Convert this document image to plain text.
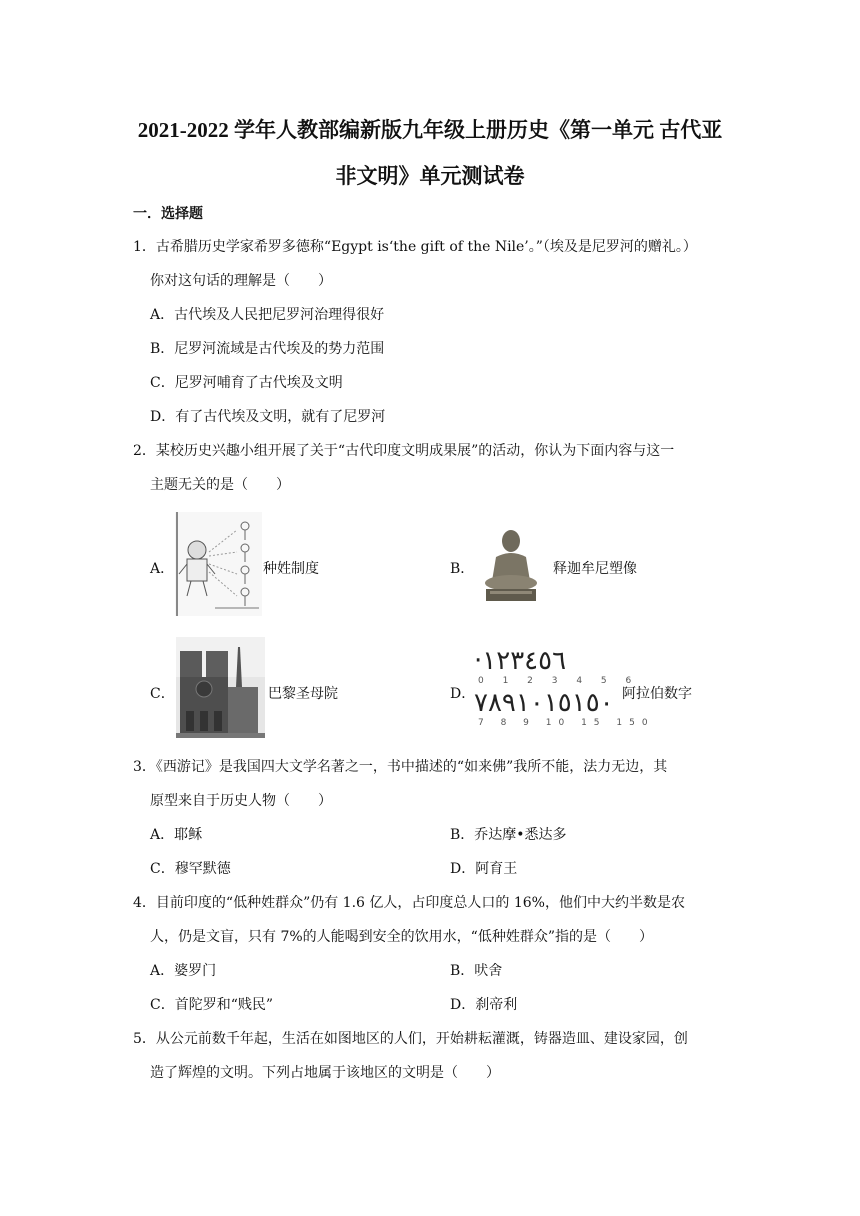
2021-2022 学年人教部编新版九年级上册历史《第一单元 古代亚
非文明》单元测试卷
一．选择题
1．古希腊历史学家希罗多德称“Egypt is‘the gift of the Nile’。”（埃及是尼罗河的赠礼。）
你对这句话的理解是（　　）
A．古代埃及人民把尼罗河治理得很好
B．尼罗河流域是古代埃及的势力范围
C．尼罗河哺育了古代埃及文明
D．有了古代埃及文明，就有了尼罗河
2．某校历史兴趣小组开展了关于“古代印度文明成果展”的活动，你认为下面内容与这一
主题无关的是（　　）
A．	种姓制度	B．	释迦牟尼塑像
C．	巴黎圣母院	D．
·١٢٣٤٥٦
0 1 2 3 4 5 6
٧٨٩١٠١٥١٥٠
7 8 9 10 15 150
阿拉伯数字
3．《西游记》是我国四大文学名著之一，书中描述的“如来佛”我所不能，法力无边，其
原型来自于历史人物（　　）
A．耶稣	B．乔达摩•悉达多
C．穆罕默德	D．阿育王
4．目前印度的“低种姓群众”仍有 1.6 亿人，占印度总人口的 16%，他们中大约半数是农
人，仍是文盲，只有 7%的人能喝到安全的饮用水，“低种姓群众”指的是（　　）
A．婆罗门	B．吠舍
C．首陀罗和“贱民”	D．刹帝利
5．从公元前数千年起，生活在如图地区的人们，开始耕耘灌溉，铸器造皿、建设家园，创
造了辉煌的文明。下列占地属于该地区的文明是（　　）
